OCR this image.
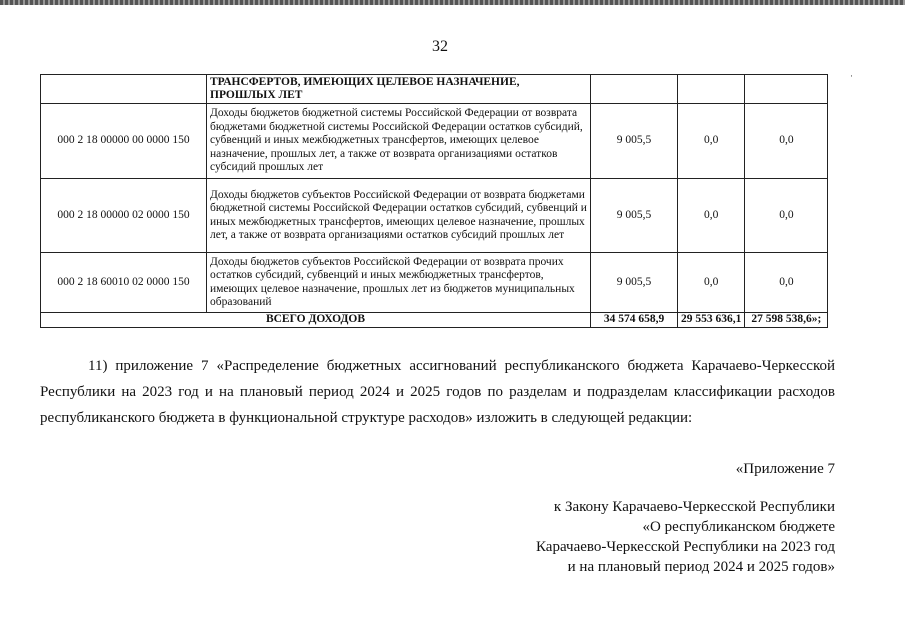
32

	ТРАНСФЕРТОВ, ИМЕЮЩИХ ЦЕЛЕВОЕ НАЗНАЧЕНИЕ,
ПРОШЛЫХ ЛЕТ			

000 2 18 00000 00 0000 150	Доходы бюджетов бюджетной системы Российской Федерации от возврата бюджетами бюджетной системы Российской Федерации остатков субсидий, субвенций и иных межбюджетных трансфертов, имеющих целевое назначение, прошлых лет, а также от возврата организациями остатков субсидий прошлых лет	9 005,5	0,0	0,0
000 2 18 00000 02 0000 150	Доходы бюджетов субъектов Российской Федерации от возврата бюджетами бюджетной системы Российской Федерации остатков субсидий, субвенций и иных межбюджетных трансфертов, имеющих целевое назначение, прошлых лет, а также от возврата организациями остатков субсидий прошлых лет	9 005,5	0,0	0,0
000 2 18 60010 02 0000 150	Доходы бюджетов субъектов Российской Федерации от возврата прочих остатков субсидий, субвенций и иных межбюджетных трансфертов, имеющих целевое назначение, прошлых лет из бюджетов муниципальных образований	9 005,5	0,0	0,0
ВСЕГО ДОХОДОВ		34 574 658,9	29 553 636,1	27 598 538,6»;
·

11) приложение 7 «Распределение бюджетных ассигнований республиканского бюджета Карачаево-Черкесской Республики на 2023 год и на плановый период 2024 и 2025 годов по разделам и подразделам классификации расходов республиканского бюджета в функциональной структуре расходов» изложить в следующей редакции:

«Приложение 7
к Закону Карачаево-Черкесской Республики
«О республиканском бюджете
Карачаево-Черкесской Республики на 2023 год
и на плановый период 2024 и 2025 годов»
